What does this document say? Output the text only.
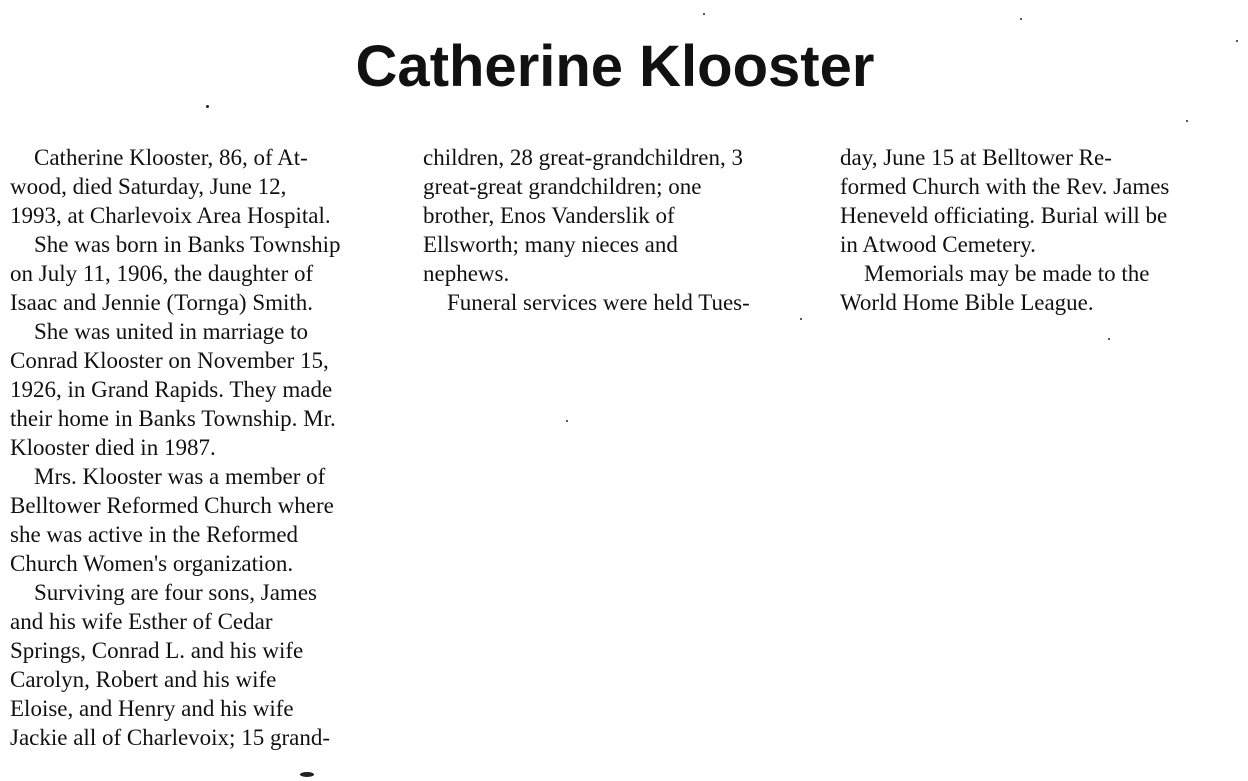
Catherine Klooster

Catherine Klooster, 86, of At-
wood, died Saturday, June 12,
1993, at Charlevoix Area Hospital.

She was born in Banks Township
on July 11, 1906, the daughter of
Isaac and Jennie (Tornga) Smith.

She was united in marriage to
Conrad Klooster on November 15,
1926, in Grand Rapids. They made
their home in Banks Township. Mr.
Klooster died in 1987.

Mrs. Klooster was a member of
Belltower Reformed Church where
she was active in the Reformed
Church Women's organization.

Surviving are four sons, James
and his wife Esther of Cedar
Springs, Conrad L. and his wife
Carolyn, Robert and his wife
Eloise, and Henry and his wife
Jackie all of Charlevoix; 15 grand-

children, 28 great-grandchildren, 3
great-great grandchildren; one
brother, Enos Vanderslik of
Ellsworth; many nieces and
nephews.

Funeral services were held Tues-

day, June 15 at Belltower Re-
formed Church with the Rev. James
Heneveld officiating. Burial will be
in Atwood Cemetery.

Memorials may be made to the
World Home Bible League.
